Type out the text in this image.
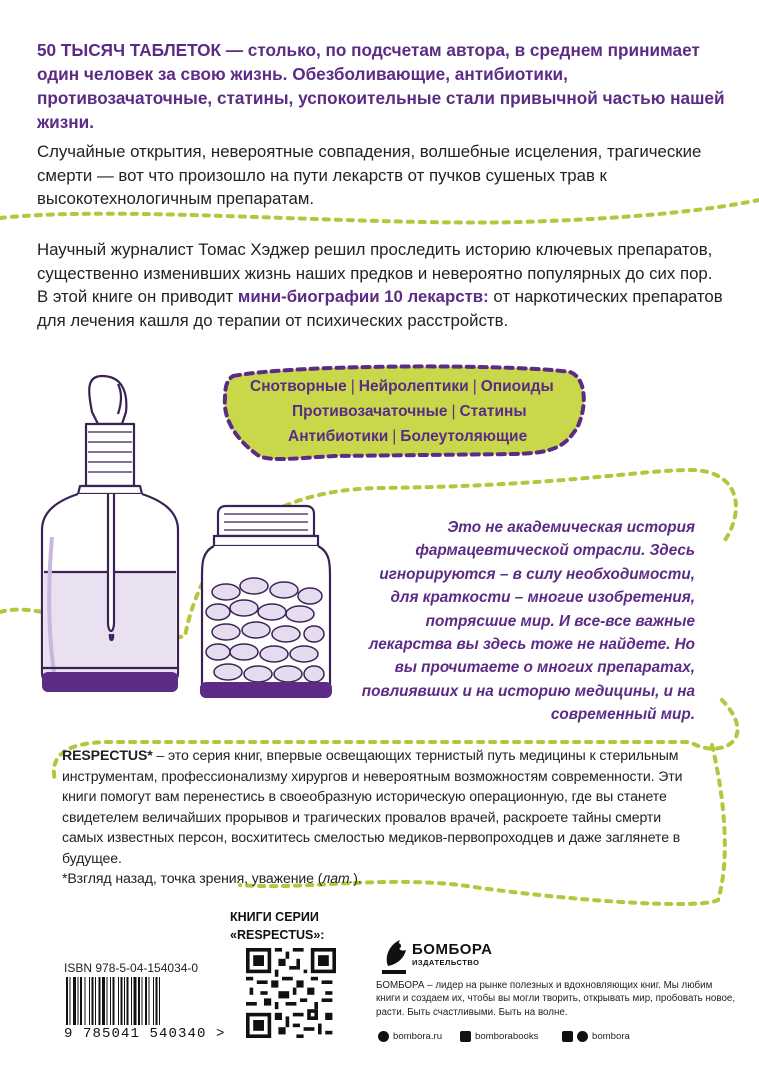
50 ТЫСЯЧ ТАБЛЕТОК — столько, по подсчетам автора, в среднем принимает один человек за свою жизнь. Обезболивающие, антибиотики, противозачаточные, статины, успокоительные стали привычной частью нашей жизни.

Случайные открытия, невероятные совпадения, волшебные исцеления, трагические смерти — вот что произошло на пути лекарств от пучков сушеных трав к высокотехнологичным препаратам.

Научный журналист Томас Хэджер решил проследить историю ключевых препаратов, существенно изменивших жизнь наших предков и невероятно популярных до сих пор. В этой книге он приводит мини-биографии 10 лекарств: от наркотических препаратов для лечения кашля до терапии от психических расстройств.

Снотворные | Нейролептики | Опиоиды
Противозачаточные | Статины
Антибиотики | Болеутоляющие

Это не академическая история фармацевтической отрасли. Здесь игнорируются – в силу необходимости, для краткости – многие изобретения, потрясшие мир. И все-все важные лекарства вы здесь тоже не найдете. Но вы прочитаете о многих препаратах, повлиявших и на историю медицины, и на современный мир.

RESPECTUS* – это серия книг, впервые освещающих тернистый путь медицины к стерильным инструментам, профессионализму хирургов и невероятным возможностям современности. Эти книги помогут вам перенестись в своеобразную историческую операционную, где вы станете свидетелем величайших прорывов и трагических провалов врачей, раскроете тайны смерти самых известных персон, восхититесь смелостью медиков-первопроходцев и даже заглянете в будущее.
*Взгляд назад, точка зрения, уважение (лат.).

КНИГИ СЕРИИ
«RESPECTUS»:
ISBN 978-5-04-154034-0
9 785041 540340 >
БОМБОРА
ИЗДАТЕЛЬСТВО

БОМБОРА – лидер на рынке полезных и вдохновляющих книг. Мы любим книги и создаем их, чтобы вы могли творить, открывать мир, пробовать новое, расти. Быть счастливыми. Быть на волне.

bombora.ru	bomborabooks	bombora
